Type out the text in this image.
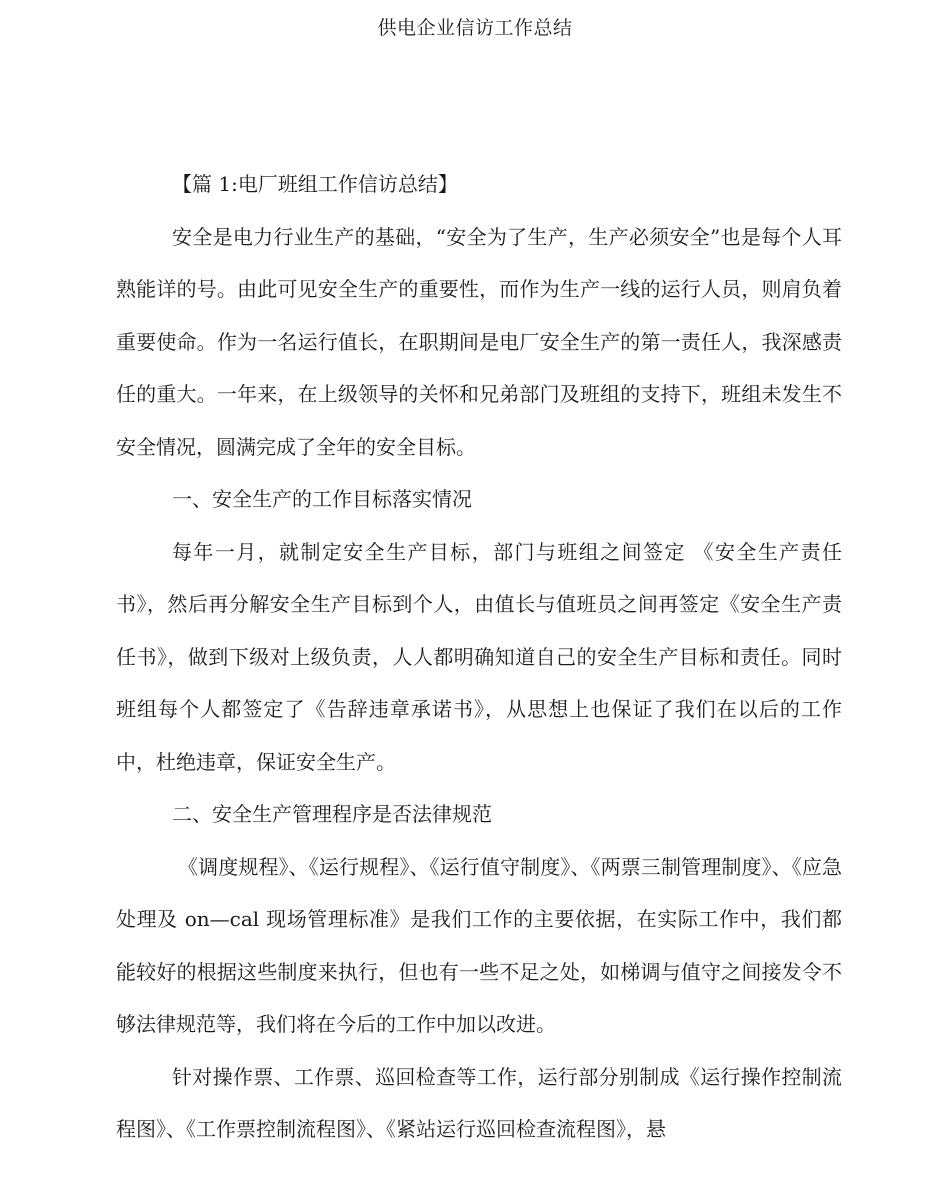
供电企业信访工作总结

【篇 1:电厂班组工作信访总结】

安全是电力行业生产的基础，“安全为了生产，生产必须安全”也是每个人耳熟能详的号。由此可见安全生产的重要性，而作为生产一线的运行人员，则肩负着重要使命。作为一名运行值长，在职期间是电厂安全生产的第一责任人，我深感责任的重大。一年来，在上级领导的关怀和兄弟部门及班组的支持下，班组未发生不安全情况，圆满完成了全年的安全目标。

一、安全生产的工作目标落实情况

每年一月，就制定安全生产目标，部门与班组之间签定 《安全生产责任书》，然后再分解安全生产目标到个人，由值长与值班员之间再签定《安全生产责任书》，做到下级对上级负责，人人都明确知道自己的安全生产目标和责任。同时班组每个人都签定了《告辞违章承诺书》，从思想上也保证了我们在以后的工作中，杜绝违章，保证安全生产。

二、安全生产管理程序是否法律规范

《调度规程》、《运行规程》、《运行值守制度》、《两票三制管理制度》、《应急处理及 on—cal 现场管理标准》是我们工作的主要依据，在实际工作中，我们都能较好的根据这些制度来执行，但也有一些不足之处，如梯调与值守之间接发令不够法律规范等，我们将在今后的工作中加以改进。

针对操作票、工作票、巡回检查等工作，运行部分别制成《运行操作控制流程图》、《工作票控制流程图》、《紧站运行巡回检查流程图》，悬
